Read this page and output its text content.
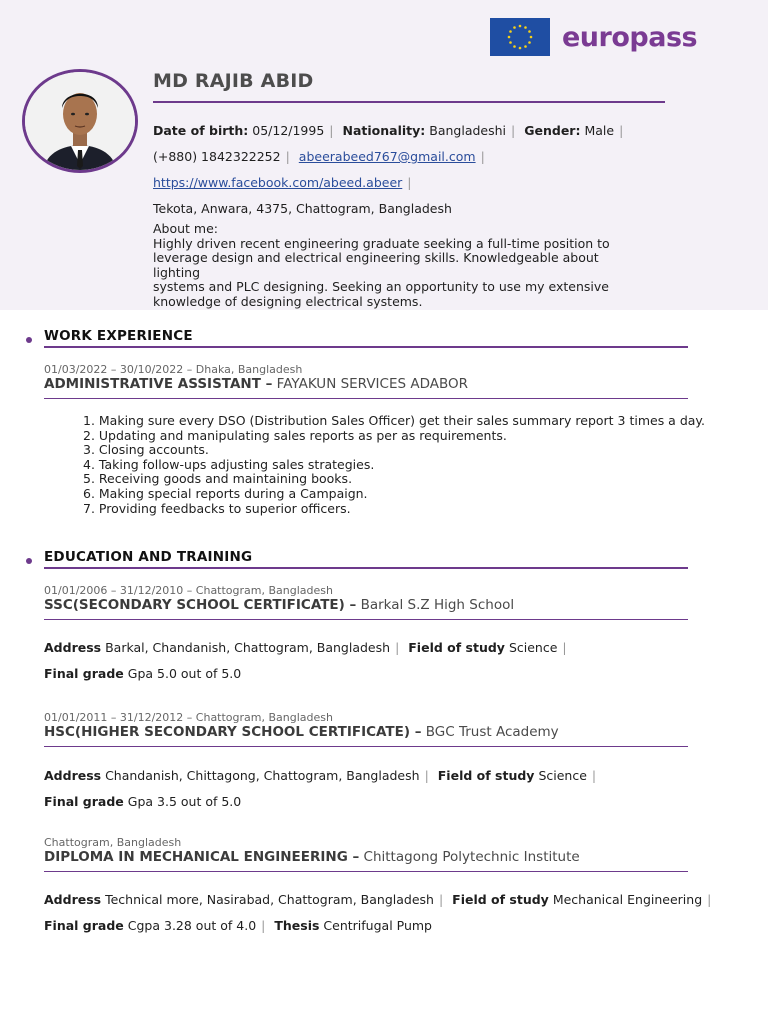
europass
MD RAJIB ABID
Date of birth: 05/12/1995 | Nationality: Bangladeshi | Gender: Male |
(+880) 1842322252 | abeerabeed767@gmail.com |
https://www.facebook.com/abeed.abeer |
Tekota, Anwara, 4375, Chattogram, Bangladesh
About me:
Highly driven recent engineering graduate seeking a full-time position to
leverage design and electrical engineering skills. Knowledgeable about lighting
systems and PLC designing. Seeking an opportunity to use my extensive
knowledge of designing electrical systems.
WORK EXPERIENCE
01/03/2022 – 30/10/2022 – Dhaka, Bangladesh
ADMINISTRATIVE ASSISTANT – FAYAKUN SERVICES ADABOR
1. Making sure every DSO (Distribution Sales Officer) get their sales summary report 3 times a day.
2. Updating and manipulating sales reports as per as requirements.
3. Closing accounts.
4. Taking follow-ups adjusting sales strategies.
5. Receiving goods and maintaining books.
6. Making special reports during a Campaign.
7. Providing feedbacks to superior officers.
EDUCATION AND TRAINING
01/01/2006 – 31/12/2010 – Chattogram, Bangladesh
SSC(SECONDARY SCHOOL CERTIFICATE) – Barkal S.Z High School
Address Barkal, Chandanish, Chattogram, Bangladesh | Field of study Science |
Final grade Gpa 5.0 out of 5.0
01/01/2011 – 31/12/2012 – Chattogram, Bangladesh
HSC(HIGHER SECONDARY SCHOOL CERTIFICATE) – BGC Trust Academy
Address Chandanish, Chittagong, Chattogram, Bangladesh | Field of study Science |
Final grade Gpa 3.5 out of 5.0
Chattogram, Bangladesh
DIPLOMA IN MECHANICAL ENGINEERING – Chittagong Polytechnic Institute
Address Technical more, Nasirabad, Chattogram, Bangladesh | Field of study Mechanical Engineering |
Final grade Cgpa 3.28 out of 4.0 | Thesis Centrifugal Pump
